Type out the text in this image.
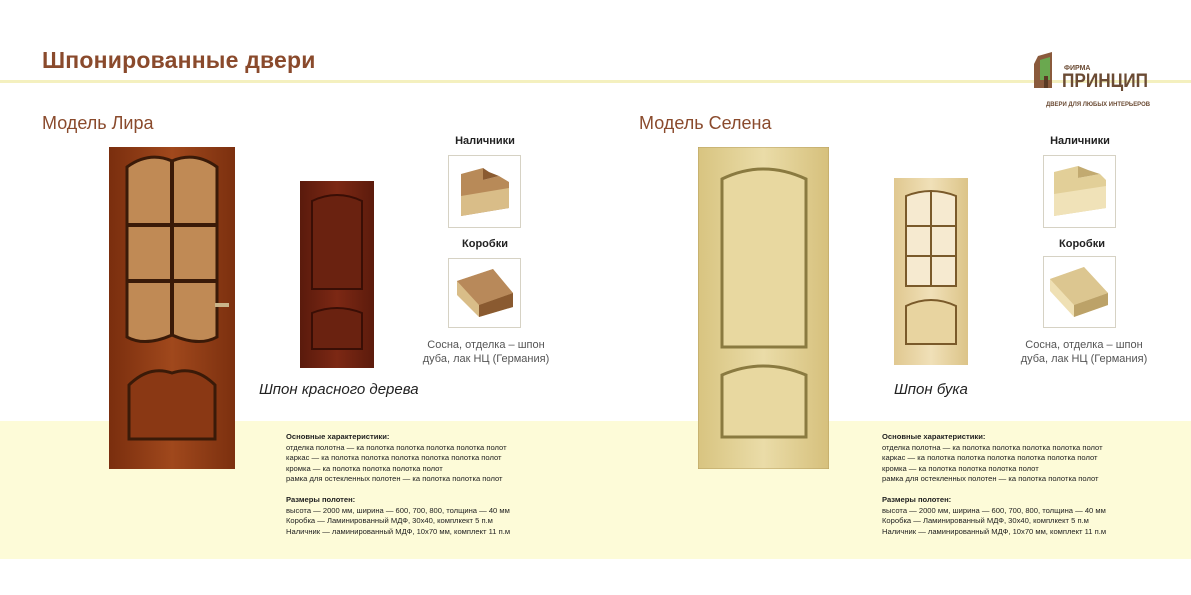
Шпонированные двери	ФИРМА
ПРИНЦИП
ДВЕРИ ДЛЯ ЛЮБЫХ ИНТЕРЬЕРОВ
Модель Лира
Шпон красного дерева
Наличники
Коробки
Сосна, отделка – шпон
дуба, лак НЦ (Германия)
Основные характеристики:
отделка полотна — ка полотка полотка полотка полотка полот
каркас — ка полотка полотка полотка полотка полотка полот
кромка — ка полотка полотка полотка полот
рамка для остекленных полотен — ка полотка полотка полот
Размеры полотен:
высота — 2000 мм, ширина — 600, 700, 800, толщина — 40 мм
Коробка — Ламинированный МДФ, 30х40, комплкект 5 п.м
Наличник — ламинированный МДФ, 10х70 мм, комплект 11 п.м
Модель Селена
Шпон бука
Наличники
Коробки
Сосна, отделка – шпон
дуба, лак НЦ (Германия)
Основные характеристики:
отделка полотна — ка полотка полотка полотка полотка полот
каркас — ка полотка полотка полотка полотка полотка полот
кромка — ка полотка полотка полотка полот
рамка для остекленных полотен — ка полотка полотка полот
Размеры полотен:
высота — 2000 мм, ширина — 600, 700, 800, толщина — 40 мм
Коробка — Ламинированный МДФ, 30х40, комплкект 5 п.м
Наличник — ламинированный МДФ, 10х70 мм, комплект 11 п.м
